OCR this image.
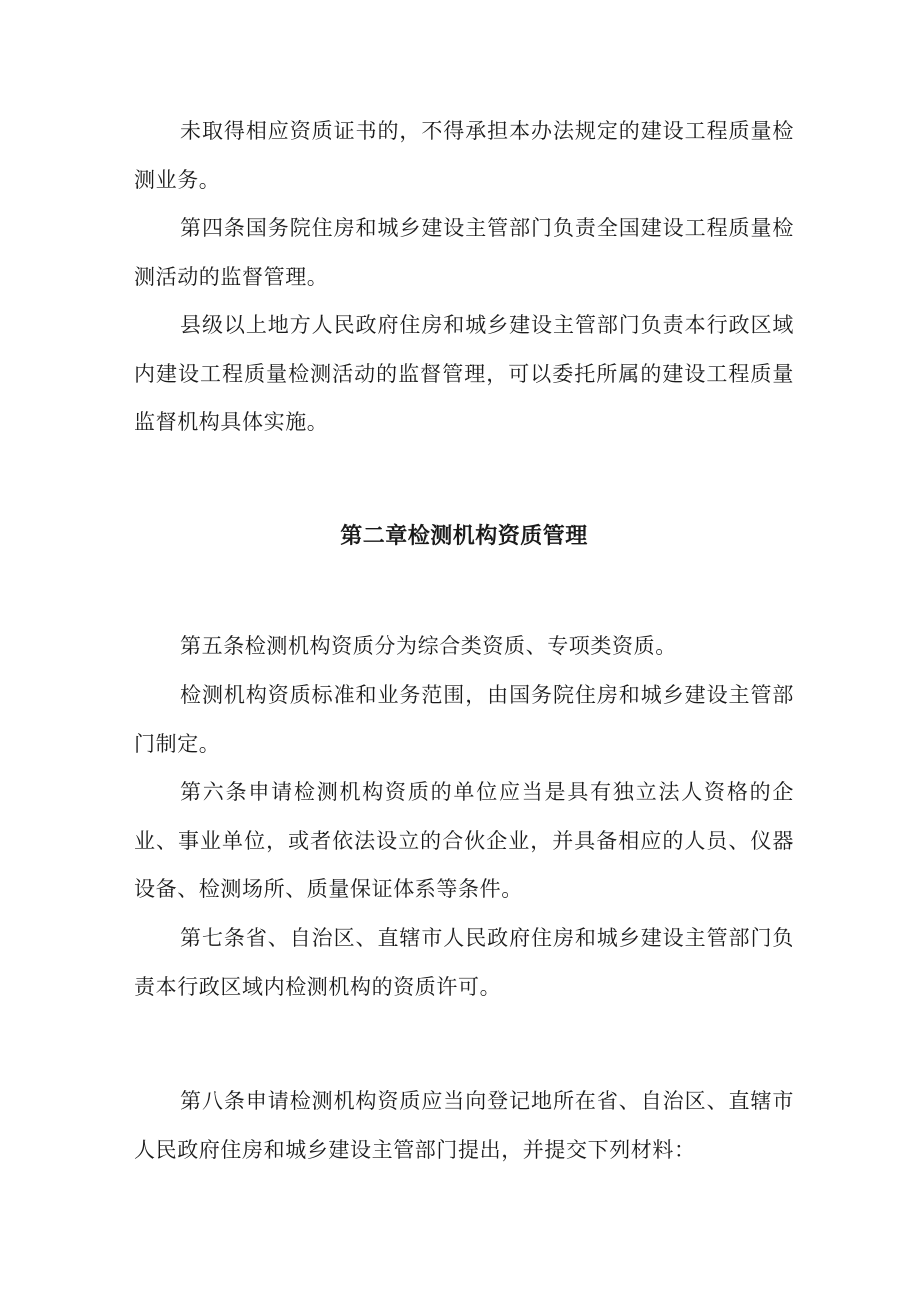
未取得相应资质证书的，不得承担本办法规定的建设工程质量检测业务。

第四条国务院住房和城乡建设主管部门负责全国建设工程质量检测活动的监督管理。

县级以上地方人民政府住房和城乡建设主管部门负责本行政区域内建设工程质量检测活动的监督管理，可以委托所属的建设工程质量监督机构具体实施。

第二章检测机构资质管理

第五条检测机构资质分为综合类资质、专项类资质。

检测机构资质标准和业务范围，由国务院住房和城乡建设主管部门制定。

第六条申请检测机构资质的单位应当是具有独立法人资格的企业、事业单位，或者依法设立的合伙企业，并具备相应的人员、仪器设备、检测场所、质量保证体系等条件。

第七条省、自治区、直辖市人民政府住房和城乡建设主管部门负责本行政区域内检测机构的资质许可。

第八条申请检测机构资质应当向登记地所在省、自治区、直辖市人民政府住房和城乡建设主管部门提出，并提交下列材料：
